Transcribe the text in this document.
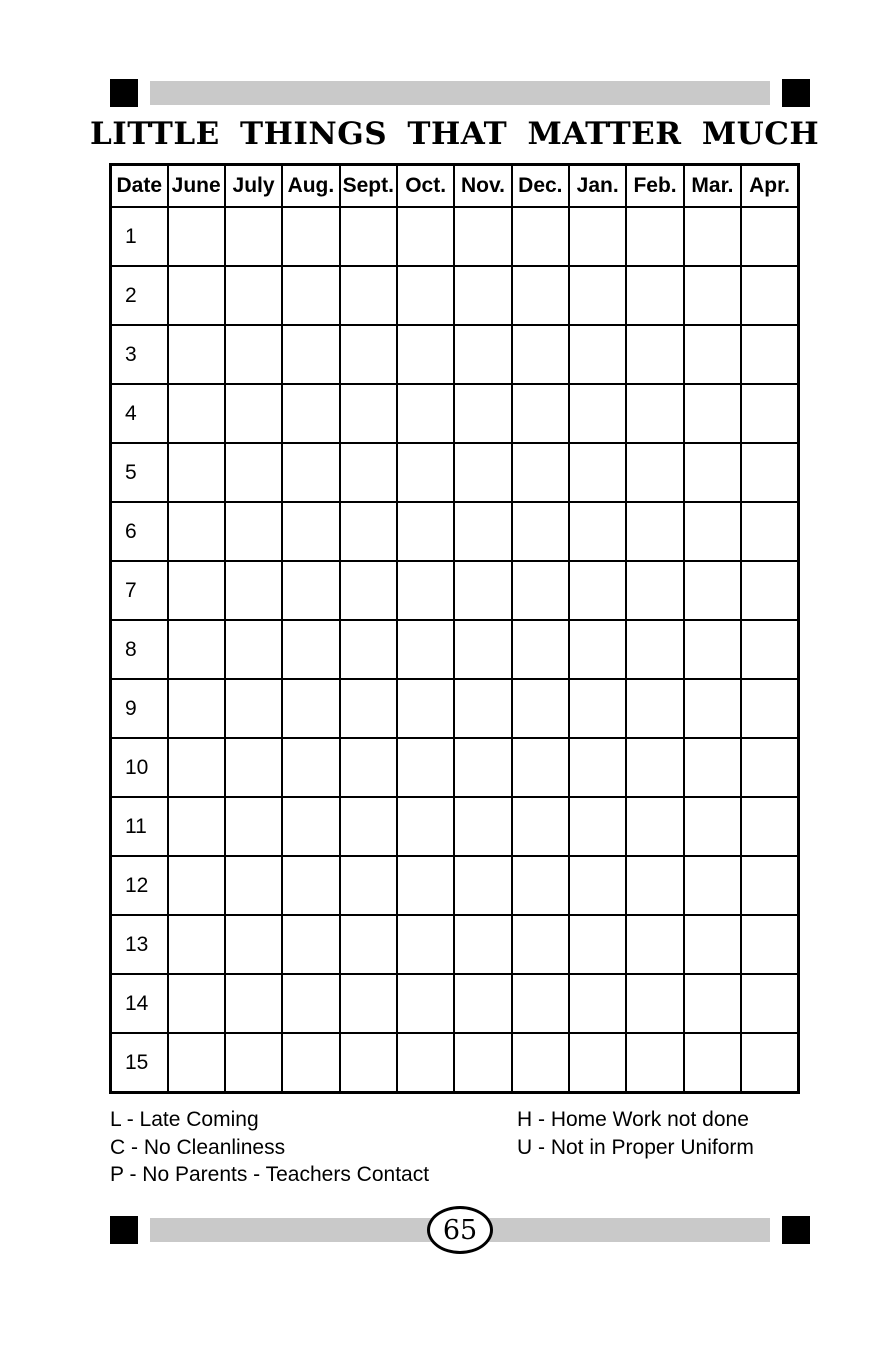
LITTLE THINGS THAT MATTER MUCH
Date	June	July	Aug.	Sept.	Oct.	Nov.	Dec.	Jan.	Feb.	Mar.	Apr.
1											
2											
3											
4											
5											
6											
7											
8											
9											
10											
11											
12											
13											
14											
15											
L - Late Coming
C - No Cleanliness
P - No Parents - Teachers Contact
H - Home Work not done
U - Not in Proper Uniform
65
